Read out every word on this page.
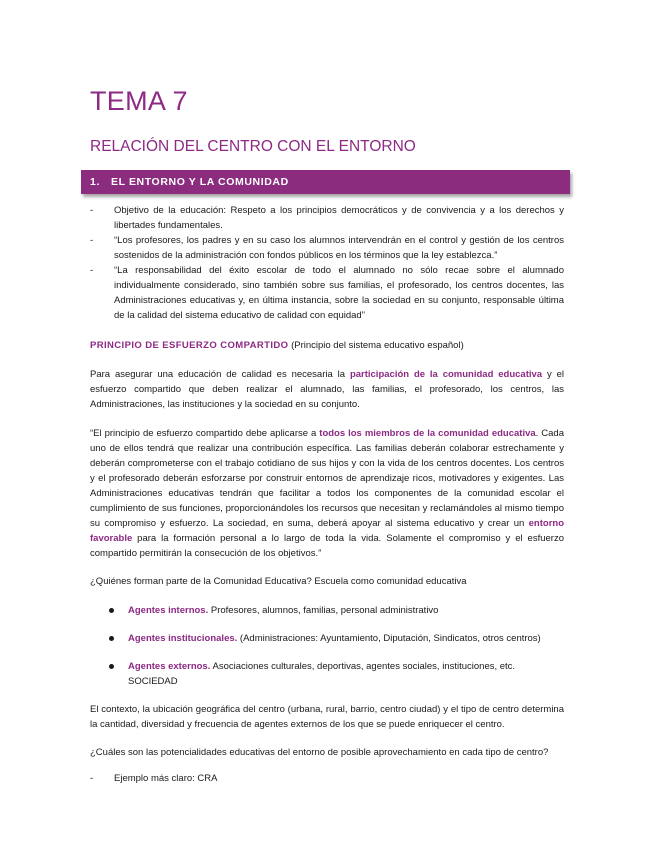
TEMA 7
RELACIÓN DEL CENTRO CON EL ENTORNO
1. EL ENTORNO Y LA COMUNIDAD
- Objetivo de la educación: Respeto a los principios democráticos y de convivencia y a los derechos y libertades fundamentales.
- “Los profesores, los padres y en su caso los alumnos intervendrán en el control y gestión de los centros sostenidos de la administración con fondos públicos en los términos que la ley establezca.”
- “La responsabilidad del éxito escolar de todo el alumnado no sólo recae sobre el alumnado individualmente considerado, sino también sobre sus familias, el profesorado, los centros docentes, las Administraciones educativas y, en última instancia, sobre la sociedad en su conjunto, responsable última de la calidad del sistema educativo de calidad con equidad”

PRINCIPIO DE ESFUERZO COMPARTIDO (Principio del sistema educativo español)

Para asegurar una educación de calidad es necesaria la participación de la comunidad educativa y el esfuerzo compartido que deben realizar el alumnado, las familias, el profesorado, los centros, las Administraciones, las instituciones y la sociedad en su conjunto.

“El principio de esfuerzo compartido debe aplicarse a todos los miembros de la comunidad educativa. Cada uno de ellos tendrá que realizar una contribución específica. Las familias deberán colaborar estrechamente y deberán comprometerse con el trabajo cotidiano de sus hijos y con la vida de los centros docentes. Los centros y el profesorado deberán esforzarse por construir entornos de aprendizaje ricos, motivadores y exigentes. Las Administraciones educativas tendrán que facilitar a todos los componentes de la comunidad escolar el cumplimiento de sus funciones, proporcionándoles los recursos que necesitan y reclamándoles al mismo tiempo su compromiso y esfuerzo. La sociedad, en suma, deberá apoyar al sistema educativo y crear un entorno favorable para la formación personal a lo largo de toda la vida. Solamente el compromiso y el esfuerzo compartido permitirán la consecución de los objetivos.”

¿Quiénes forman parte de la Comunidad Educativa? Escuela como comunidad educativa

Agentes internos. Profesores, alumnos, familias, personal administrativo
Agentes institucionales. (Administraciones: Ayuntamiento, Diputación, Sindicatos, otros centros)
Agentes externos. Asociaciones culturales, deportivas, agentes sociales, instituciones, etc. SOCIEDAD

El contexto, la ubicación geográfica del centro (urbana, rural, barrio, centro ciudad) y el tipo de centro determina la cantidad, diversidad y frecuencia de agentes externos de los que se puede enriquecer el centro.

¿Cuáles son las potencialidades educativas del entorno de posible aprovechamiento en cada tipo de centro?

- Ejemplo más claro: CRA
